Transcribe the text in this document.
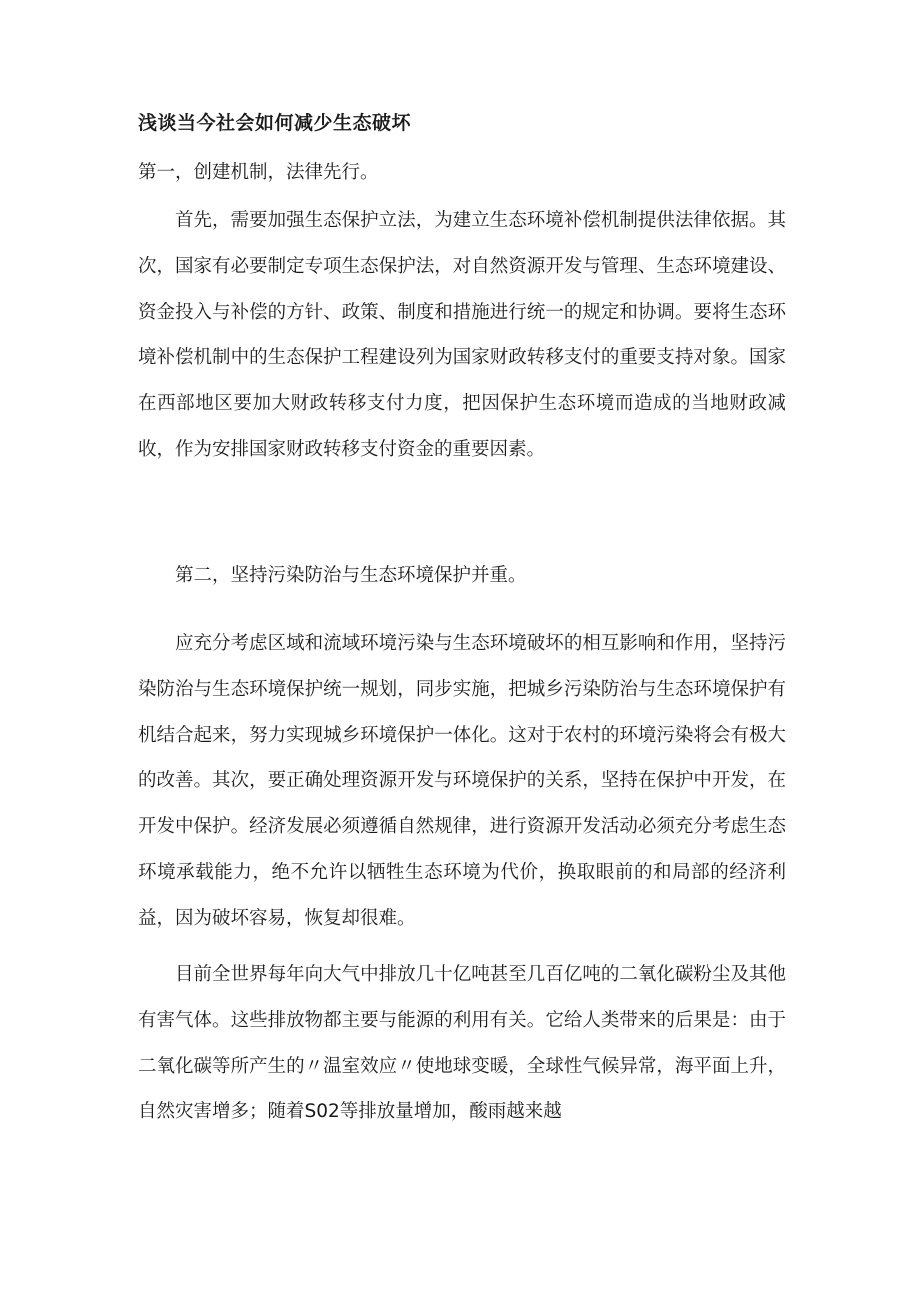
浅谈当今社会如何减少生态破坏
第一，创建机制，法律先行。

首先，需要加强生态保护立法，为建立生态环境补偿机制提供法律依据。其次，国家有必要制定专项生态保护法，对自然资源开发与管理、生态环境建设、资金投入与补偿的方针、政策、制度和措施进行统一的规定和协调。要将生态环境补偿机制中的生态保护工程建设列为国家财政转移支付的重要支持对象。国家在西部地区要加大财政转移支付力度，把因保护生态环境而造成的当地财政减收，作为安排国家财政转移支付资金的重要因素。

第二，坚持污染防治与生态环境保护并重。

应充分考虑区域和流域环境污染与生态环境破坏的相互影响和作用，坚持污染防治与生态环境保护统一规划，同步实施，把城乡污染防治与生态环境保护有机结合起来，努力实现城乡环境保护一体化。这对于农村的环境污染将会有极大的改善。其次，要正确处理资源开发与环境保护的关系，坚持在保护中开发，在开发中保护。经济发展必须遵循自然规律，进行资源开发活动必须充分考虑生态环境承载能力，绝不允许以牺牲生态环境为代价，换取眼前的和局部的经济利益，因为破坏容易，恢复却很难。

目前全世界每年向大气中排放几十亿吨甚至几百亿吨的二氧化碳粉尘及其他有害气体。这些排放物都主要与能源的利用有关。它给人类带来的后果是：由于二氧化碳等所产生的〃温室效应〃使地球变暖，全球性气候异常，海平面上升，自然灾害增多；随着S02等排放量增加，酸雨越来越
